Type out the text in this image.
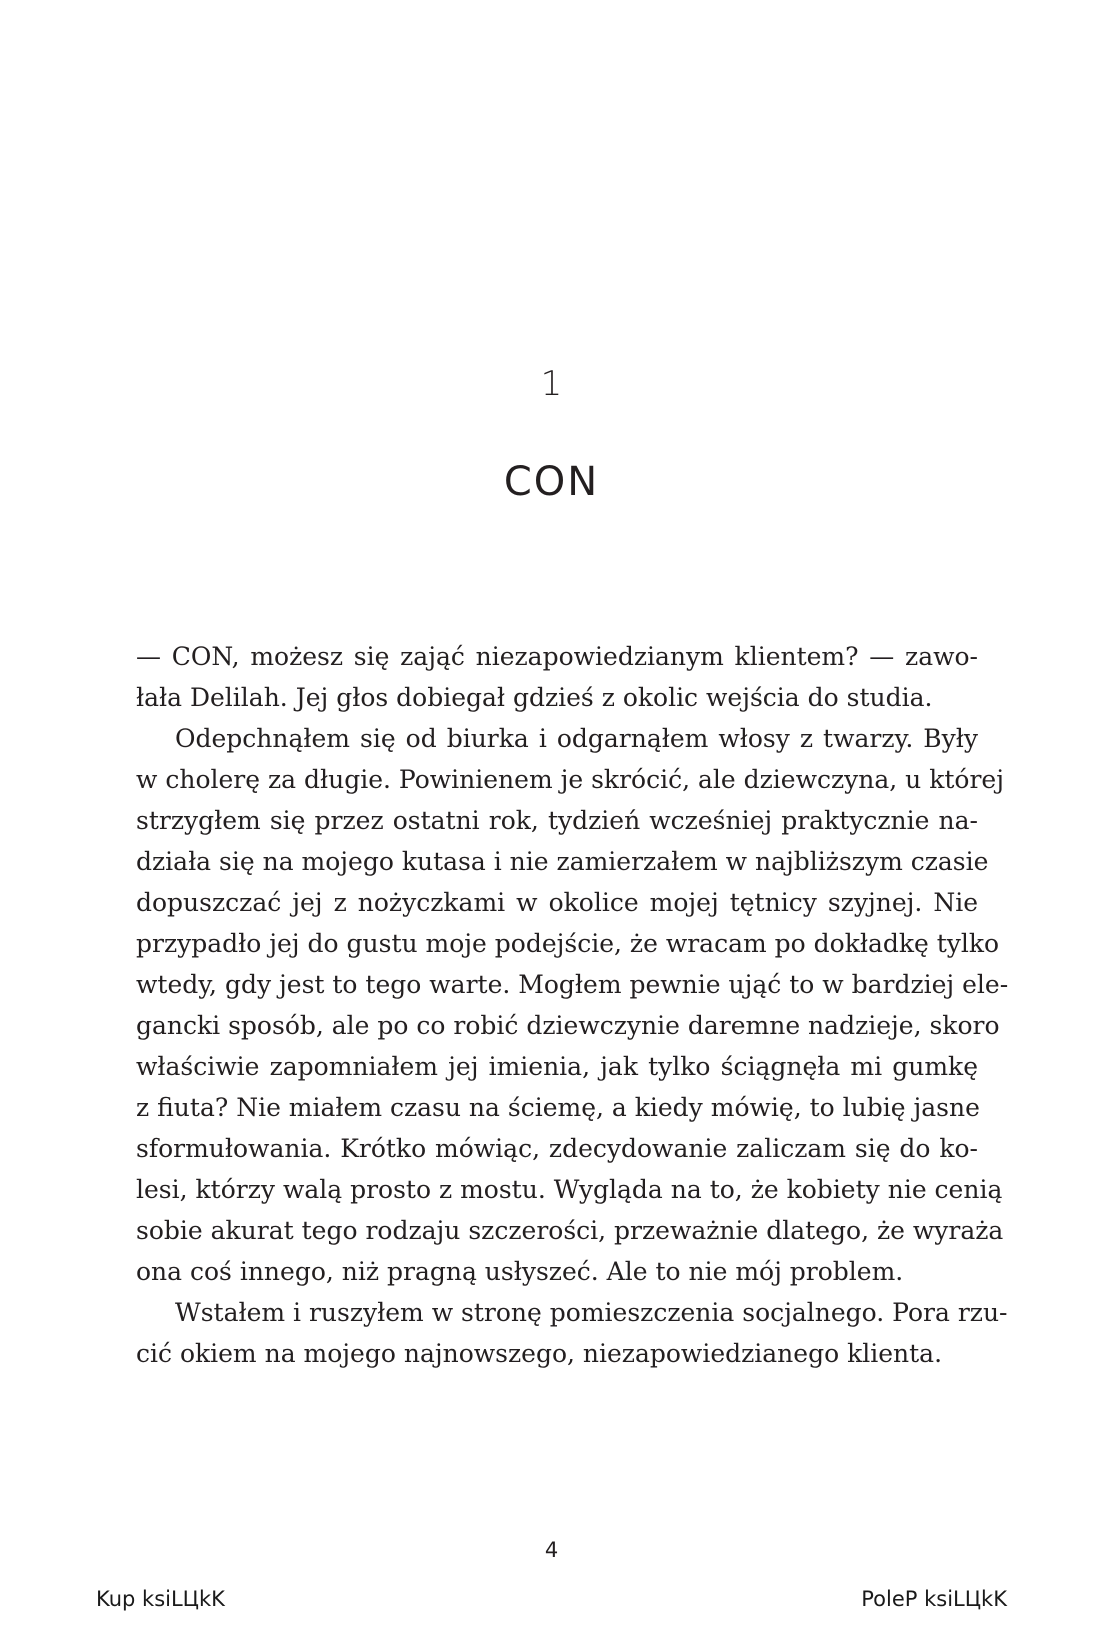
1
CON
— CON, możesz się zająć niezapowiedzianym klientem? — zawo-
łała Delilah. Jej głos dobiegał gdzieś z okolic wejścia do studia.
Odepchnąłem się od biurka i odgarnąłem włosy z twarzy. Były
w cholerę za długie. Powinienem je skrócić, ale dziewczyna, u której
strzygłem się przez ostatni rok, tydzień wcześniej praktycznie na-
działa się na mojego kutasa i nie zamierzałem w najbliższym czasie
dopuszczać jej z nożyczkami w okolice mojej tętnicy szyjnej. Nie
przypadło jej do gustu moje podejście, że wracam po dokładkę tylko
wtedy, gdy jest to tego warte. Mogłem pewnie ująć to w bardziej ele-
gancki sposób, ale po co robić dziewczynie daremne nadzieje, skoro
właściwie zapomniałem jej imienia, jak tylko ściągnęła mi gumkę
z fiuta? Nie miałem czasu na ściemę, a kiedy mówię, to lubię jasne
sformułowania. Krótko mówiąc, zdecydowanie zaliczam się do ko-
lesi, którzy walą prosto z mostu. Wygląda na to, że kobiety nie cenią
sobie akurat tego rodzaju szczerości, przeważnie dlatego, że wyraża
ona coś innego, niż pragną usłyszeć. Ale to nie mój problem.
Wstałem i ruszyłem w stronę pomieszczenia socjalnego. Pora rzu-
cić okiem na mojego najnowszego, niezapowiedzianego klienta.
4
Kup ksiLЦkK	PoleP ksiLЦkK
